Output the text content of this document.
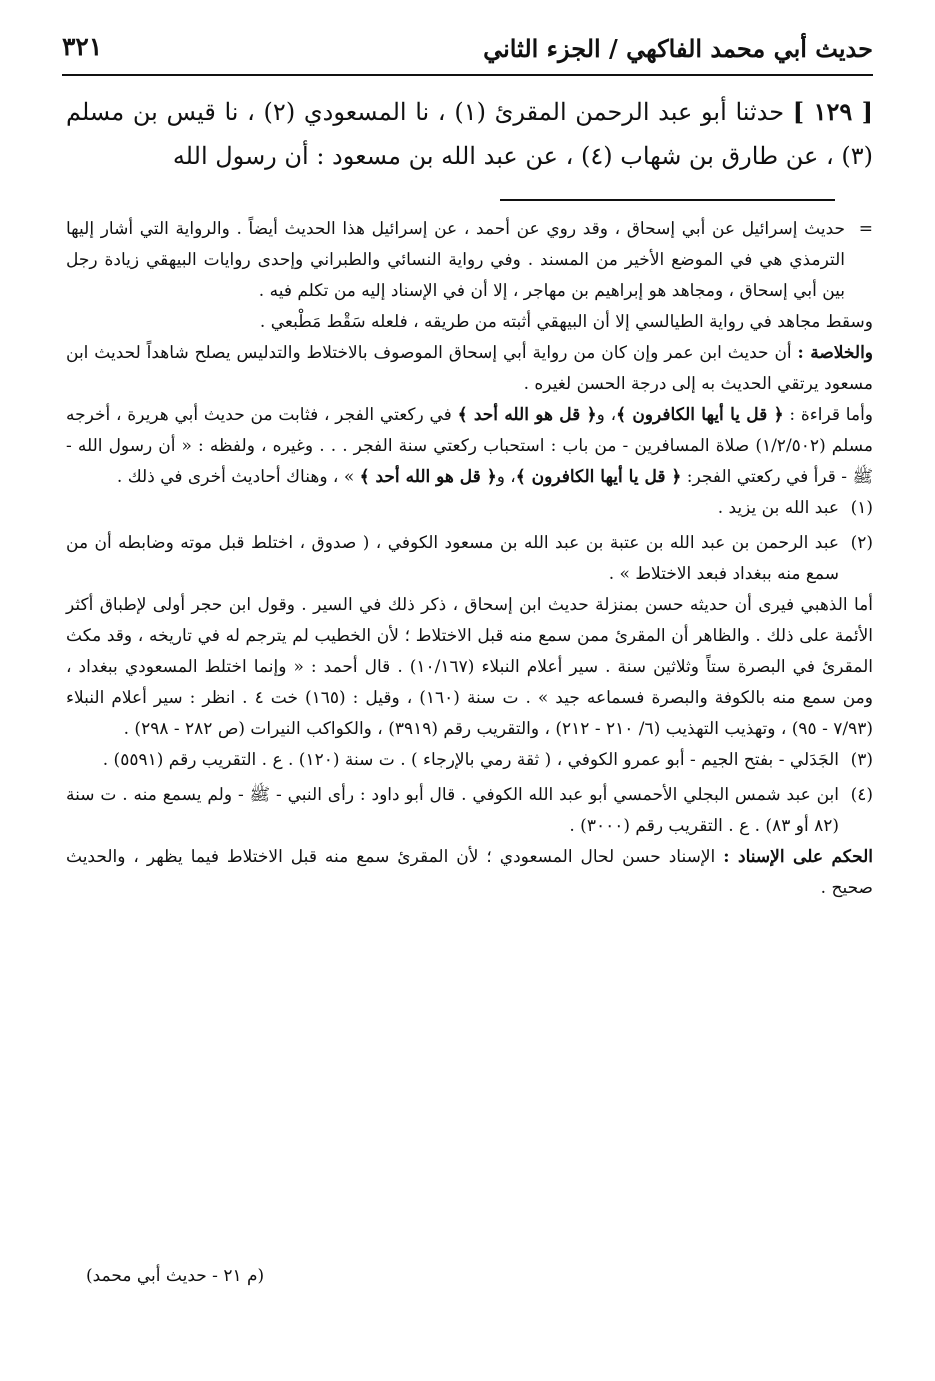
حديث أبي محمد الفاكهي / الجزء الثاني
٣٢١
[ ١٢٩ ] حدثنا أبو عبد الرحمن المقرئ (١) ، نا المسعودي (٢) ، نا قيس بن مسلم (٣) ، عن طارق بن شهاب (٤) ، عن عبد الله بن مسعود : أن رسول الله

=
حديث إسرائيل عن أبي إسحاق ، وقد روي عن أحمد ، عن إسرائيل هذا الحديث أيضاً . والرواية التي أشار إليها الترمذي هي في الموضع الأخير من المسند . وفي رواية النسائي والطبراني وإحدى روايات البيهقي زيادة رجل بين أبي إسحاق ، ومجاهد هو إبراهيم بن مهاجر ، إلا أن في الإسناد إليه من تكلم فيه .

وسقط مجاهد في رواية الطيالسي إلا أن البيهقي أثبته من طريقه ، فلعله سَقْط مَطْبعي .

والخلاصة : أن حديث ابن عمر وإن كان من رواية أبي إسحاق الموصوف بالاختلاط والتدليس يصلح شاهداً لحديث ابن مسعود يرتقي الحديث به إلى درجة الحسن لغيره .

وأما قراءة : ﴿ قل يا أيها الكافرون ﴾، و﴿ قل هو الله أحد ﴾ في ركعتي الفجر ، فثابت من حديث أبي هريرة ، أخرجه مسلم (١/٢/٥٠٢) صلاة المسافرين - من باب : استحباب ركعتي سنة الفجر . . . وغيره ، ولفظه : « أن رسول الله - ﷺ - قرأ في ركعتي الفجر: ﴿ قل يا أيها الكافرون ﴾، و﴿ قل هو الله أحد ﴾ » ، وهناك أحاديث أخرى في ذلك .

(١)
عبد الله بن يزيد .
(٢)
عبد الرحمن بن عبد الله بن عتبة بن عبد الله بن مسعود الكوفي ، ( صدوق ، اختلط قبل موته وضابطه أن من سمع منه ببغداد فبعد الاختلاط » .

أما الذهبي فيرى أن حديثه حسن بمنزلة حديث ابن إسحاق ، ذكر ذلك في السير . وقول ابن حجر أولى لإطباق أكثر الأئمة على ذلك . والظاهر أن المقرئ ممن سمع منه قبل الاختلاط ؛ لأن الخطيب لم يترجم له في تاريخه ، وقد مكث المقرئ في البصرة ستاً وثلاثين سنة . سير أعلام النبلاء (١٠/١٦٧) . قال أحمد : « وإنما اختلط المسعودي ببغداد ، ومن سمع منه بالكوفة والبصرة فسماعه جيد » . ت سنة (١٦٠) ، وقيل : (١٦٥) خت ٤ . انظر : سير أعلام النبلاء (٧/٩٣ - ٩٥) ، وتهذيب التهذيب (٦/ ٢١٠ - ٢١٢) ، والتقريب رقم (٣٩١٩) ، والكواكب النيرات (ص ٢٨٢ - ٢٩٨) .

(٣)
الجَدَلي - بفتح الجيم - أبو عمرو الكوفي ، ( ثقة رمي بالإرجاء ) . ت سنة (١٢٠) . ع . التقريب رقم (٥٥٩١) .
(٤)
ابن عبد شمس البجلي الأحمسي أبو عبد الله الكوفي . قال أبو داود : رأى النبي - ﷺ - ولم يسمع منه . ت سنة (٨٢ أو ٨٣) . ع . التقريب رقم (٣٠٠٠) .

الحكم على الإسناد : الإسناد حسن لحال المسعودي ؛ لأن المقرئ سمع منه قبل الاختلاط فيما يظهر ، والحديث صحيح .

(م ٢١ - حديث أبي محمد)
